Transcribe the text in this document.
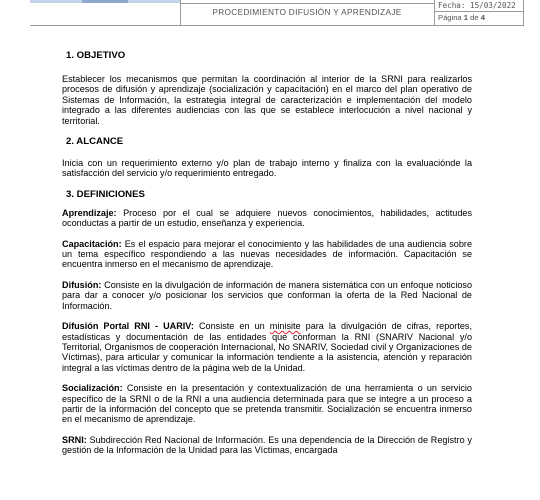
PROCEDIMIENTO DIFUSIÓN Y APRENDIZAJE
Fecha: 15/03/2022
Página 1 de 4

1. OBJETIVO

Establecer los mecanismos que permitan la coordinación al interior de la SRNI para realizarlos procesos de difusión y aprendizaje (socialización y capacitación) en el marco del plan operativo de Sistemas de Información, la estrategia integral de caracterización e implementación del modelo integrado a las diferentes audiencias con las que se establece interlocución a nivel nacional y territorial.

2. ALCANCE

Inicia con un requerimiento externo y/o plan de trabajo interno y finaliza con la evaluaciónde la satisfacción del servicio y/o requerimiento entregado.

3. DEFINICIONES

Aprendizaje: Proceso por el cual se adquiere nuevos conocimientos, habilidades, actitudes oconductas a partir de un estudio, enseñanza y experiencia.

Capacitación: Es el espacio para mejorar el conocimiento y las habilidades de una audiencia sobre un tema específico respondiendo a las nuevas necesidades de información. Capacitación se encuentra inmerso en el mecanismo de aprendizaje.

Difusión: Consiste en la divulgación de información de manera sistemática con un enfoque noticioso para dar a conocer y/o posicionar los servicios que conforman la oferta de la Red Nacional de Información.

Difusión Portal RNI - UARIV: Consiste en un minisite para la divulgación de cifras, reportes, estadísticas y documentación de las entidades que conforman la RNI (SNARIV Nacional y/o Territorial, Organismos de cooperación Internacional, No SNARIV, Sociedad civil y Organizaciones de Víctimas), para articular y comunicar la información tendiente a la asistencia, atención y reparación integral a las víctimas dentro de la página web de la Unidad.

Socialización: Consiste en la presentación y contextualización de una herramienta o un servicio específico de la SRNI o de la RNI a una audiencia determinada para que se integre a un proceso a partir de la información del concepto que se pretenda transmitir. Socialización se encuentra inmerso en el mecanismo de aprendizaje.

SRNI: Subdirección Red Nacional de Información. Es una dependencia de la Dirección de Registro y gestión de la Información de la Unidad para las Víctimas, encargada
